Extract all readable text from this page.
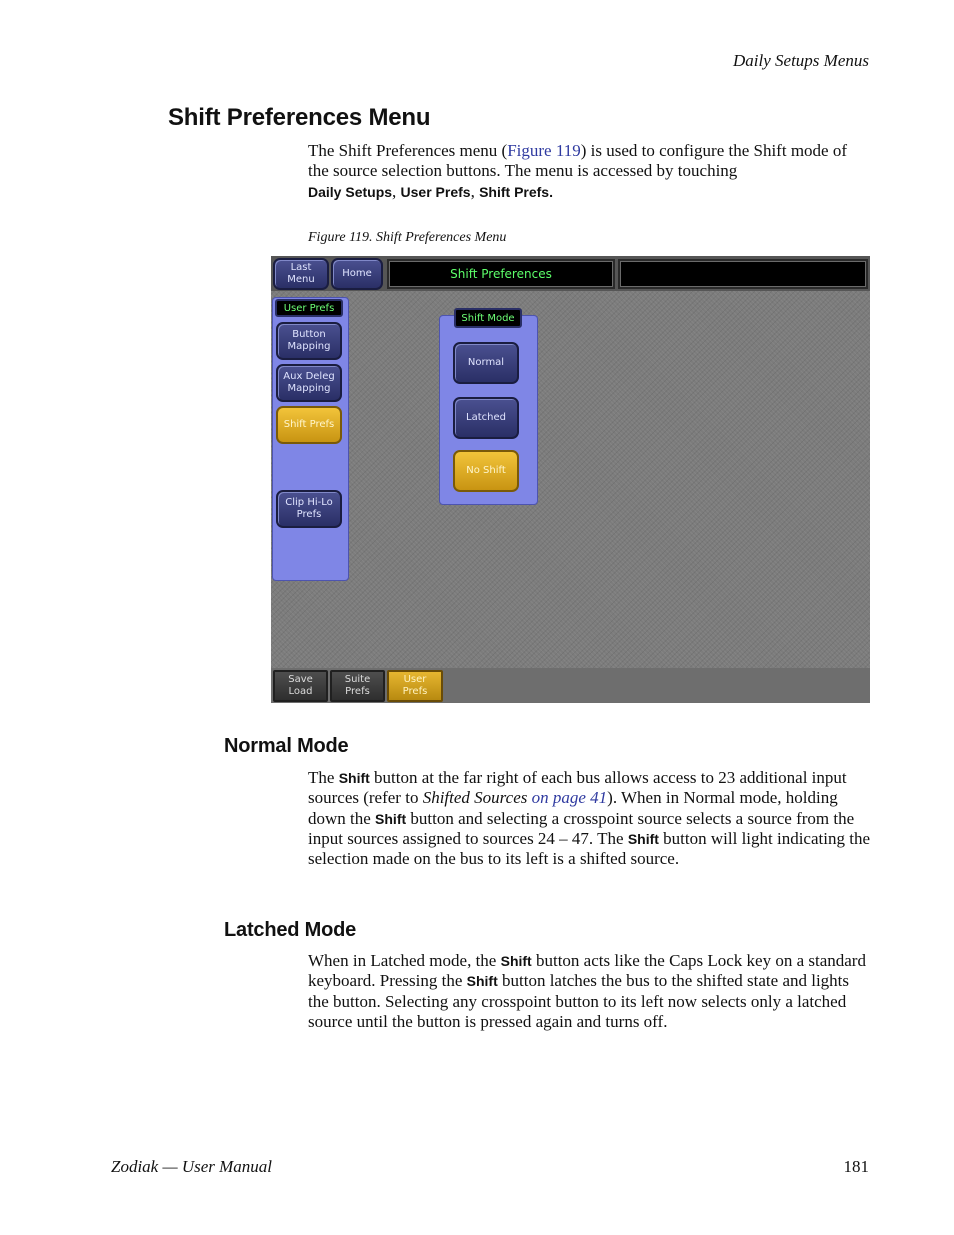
Daily Setups Menus
Shift Preferences Menu
The Shift Preferences menu (Figure 119) is used to configure the Shift mode of the source selection buttons. The menu is accessed by touching
Daily Setups, User Prefs, Shift Prefs.
Figure 119. Shift Preferences Menu
Last
Menu
Home	Shift Preferences
User Prefs
Button
Mapping
Aux Deleg
Mapping
Shift Prefs
Clip Hi-Lo
Prefs
Shift Mode
Normal
Latched
No Shift
Save
Load
Suite
Prefs
User
Prefs
Normal Mode
The Shift button at the far right of each bus allows access to 23 additional input sources (refer to Shifted Sources on page 41). When in Normal mode, holding down the Shift button and selecting a crosspoint source selects a source from the input sources assigned to sources 24 – 47. The Shift button will light indicating the selection made on the bus to its left is a shifted source.
Latched Mode
When in Latched mode, the Shift button acts like the Caps Lock key on a standard keyboard. Pressing the Shift button latches the bus to the shifted state and lights the button. Selecting any crosspoint button to its left now selects only a latched source until the button is pressed again and turns off.
Zodiak — User Manual	181
